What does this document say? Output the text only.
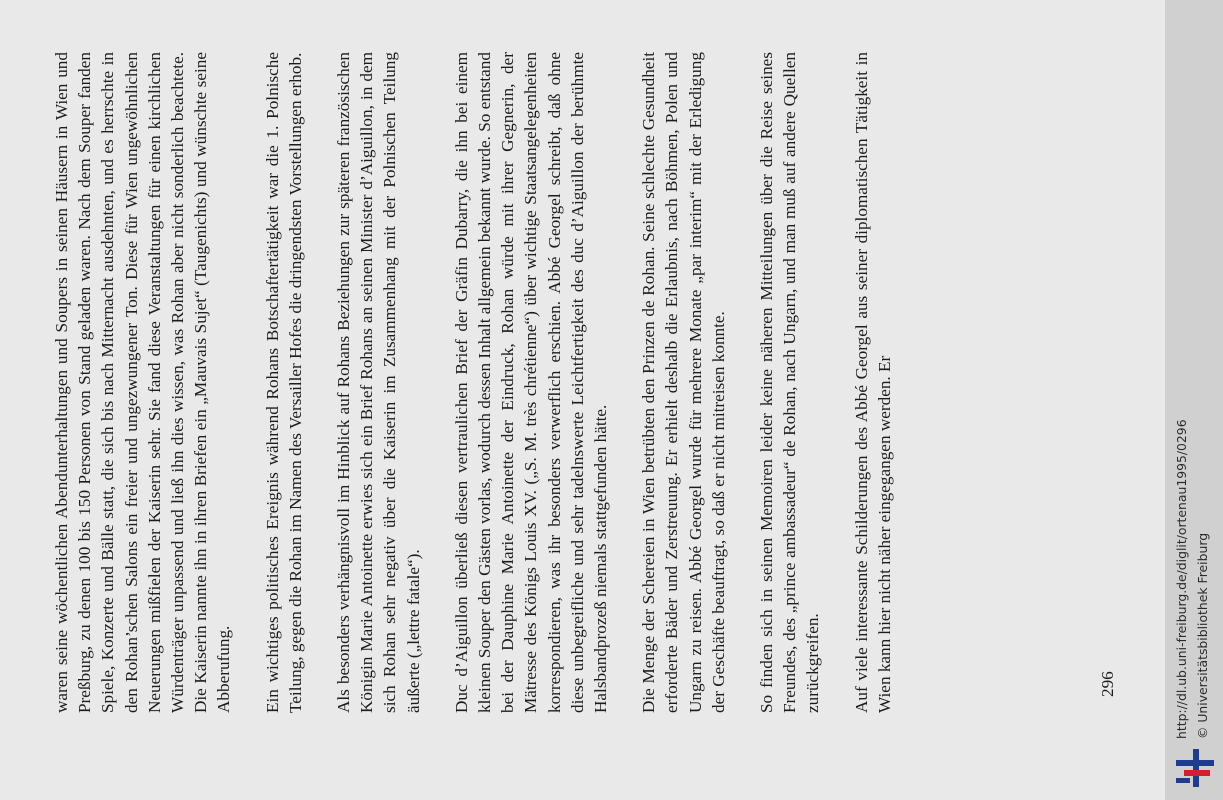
waren seine wöchentlichen Abendunterhaltungen und Soupers in seinen Häusern in Wien und Preßburg, zu denen 100 bis 150 Personen von Stand geladen waren. Nach dem Souper fanden Spiele, Konzerte und Bälle statt, die sich bis nach Mitternacht ausdehnten, und es herrschte in den Rohan’schen Salons ein freier und ungezwungener Ton. Diese für Wien ungewöhnlichen Neuerungen mißfielen der Kaiserin sehr. Sie fand diese Veranstaltungen für einen kirchlichen Würdenträger unpassend und ließ ihn dies wissen, was Rohan aber nicht sonderlich beachtete. Die Kaiserin nannte ihn in ihren Briefen ein „Mauvais Sujet“ (Taugenichts) und wünschte seine Abberufung. Ein wichtiges politisches Ereignis während Rohans Botschaftertätigkeit war die 1. Polnische Teilung, gegen die Rohan im Namen des Versailler Hofes die dringendsten Vorstellungen erhob. Als besonders verhängnisvoll im Hinblick auf Rohans Beziehungen zur späteren französischen Königin Marie Antoinette erwies sich ein Brief Rohans an seinen Minister d’Aiguillon, in dem sich Rohan sehr negativ über die Kaiserin im Zusammenhang mit der Polnischen Teilung äußerte („lettre fatale“). Duc d’Aiguillon überließ diesen vertraulichen Brief der Gräfin Dubarry, die ihn bei einem kleinen Souper den Gästen vorlas, wodurch dessen Inhalt allgemein bekannt wurde. So entstand bei der Dauphine Marie Antoinette der Eindruck, Rohan würde mit ihrer Gegnerin, der Mätresse des Königs Louis XV. („S. M. très chrétienne“) über wichtige Staatsangelegenheiten korrespondieren, was ihr besonders verwerflich erschien. Abbé Georgel schreibt, daß ohne diese unbegreifliche und sehr tadelnswerte Leichtfertigkeit des duc d’Aiguillon der berühmte Halsbandprozeß niemals stattgefunden hätte. Die Menge der Schereien in Wien betrübten den Prinzen de Rohan. Seine schlechte Gesundheit erforderte Bäder und Zerstreuung. Er erhielt deshalb die Erlaubnis, nach Böhmen, Polen und Ungarn zu reisen. Abbé Georgel wurde für mehrere Monate „par interim“ mit der Erledigung der Geschäfte beauftragt, so daß er nicht mitreisen konnte. So finden sich in seinen Memoiren leider keine näheren Mitteilungen über die Reise seines Freundes, des „prince ambassadeur“ de Rohan, nach Ungarn, und man muß auf andere Quellen zurückgreifen. Auf viele interessante Schilderungen des Abbé Georgel aus seiner diplomatischen Tätigkeit in Wien kann hier nicht näher eingegangen werden. Er	296	http://dl.ub.uni-freiburg.de/diglit/ortenau1995/0296 © Universitätsbibliothek Freiburg
